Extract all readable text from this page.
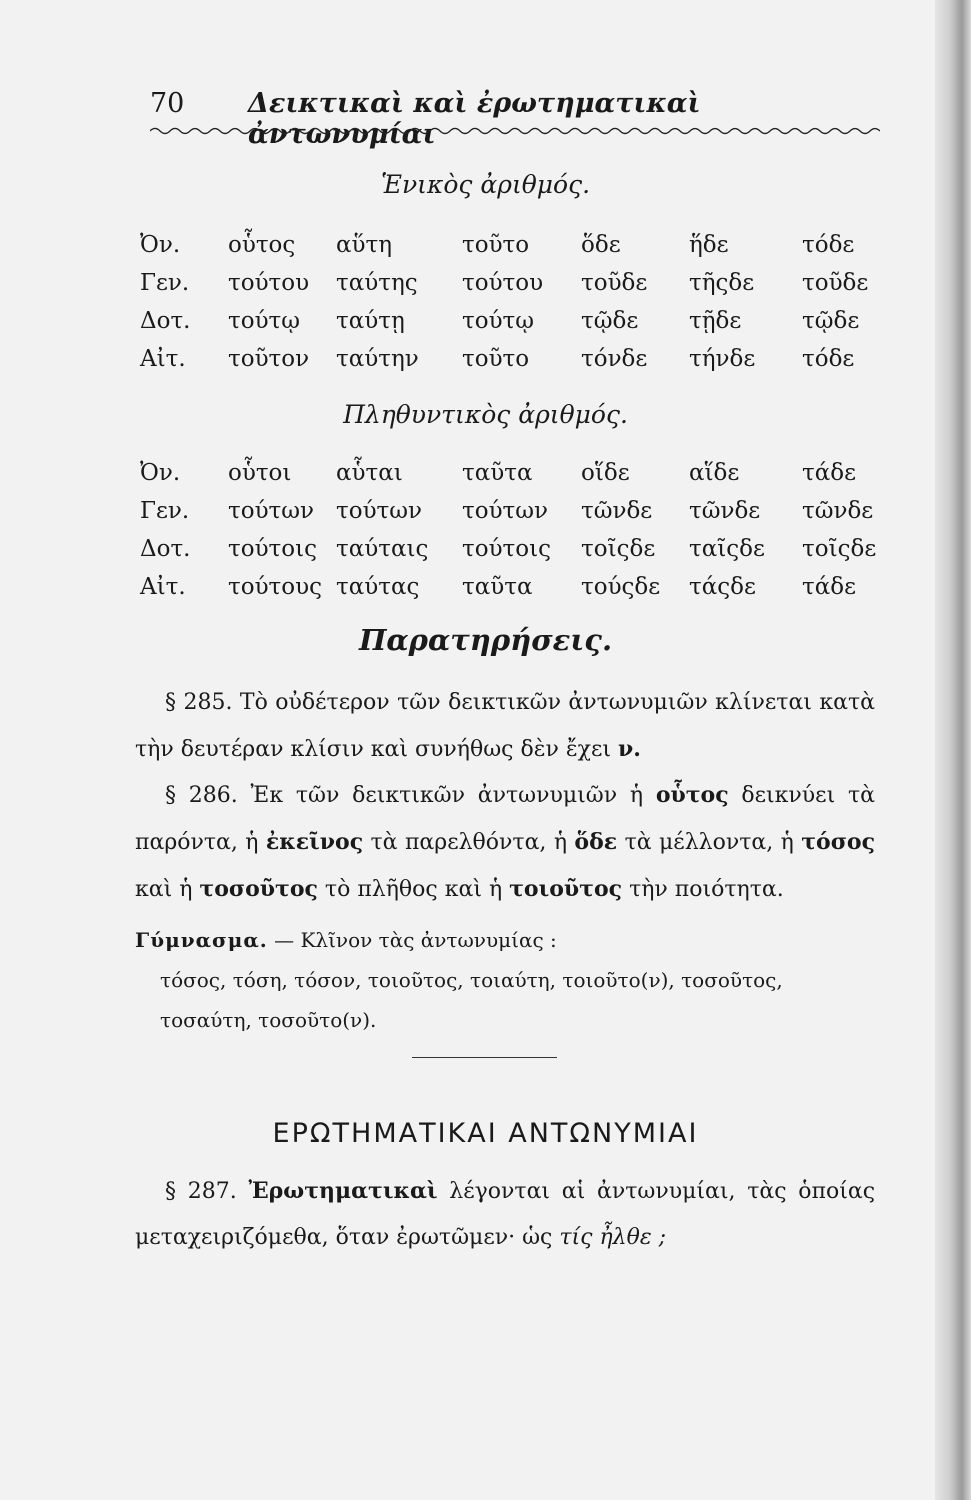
70 Δεικτικαὶ καὶ ἐρωτηματικαὶ ἀντωνυμίαι
Ἑνικὸς ἀριθμός.
Ὀν. οὗτος αὕτη	τοῦτο ὅδε	ἥδε	τόδε
Γεν. τούτου ταύτης τούτου τοῦδε τῆςδε τοῦδε
Δοτ. τούτῳ ταύτῃ τούτῳ τῷδε τῇδε	τῷδε
Αἰτ. τοῦτον ταύτην τοῦτο τόνδε τήνδε τόδε
Πληθυντικὸς ἀριθμός.
Ὀν. οὗτοι αὗται	ταῦτα οἵδε	αἵδε	τάδε
Γεν. τούτων τούτων τούτων τῶνδε τῶνδε τῶνδε
Δοτ. τούτοις ταύταις τούτοις τοῖςδε ταῖςδε τοῖςδε
Αἰτ. τούτους ταύτας ταῦτα τούςδε τάςδε τάδε
Παρατηρήσεις.
§ 285. Τὸ οὐδέτερον τῶν δεικτικῶν ἀντωνυμιῶν κλίνεται κατὰ τὴν δευτέραν κλίσιν καὶ συνήθως δὲν ἔχει ν.
§ 286. Ἐκ τῶν δεικτικῶν ἀντωνυμιῶν ἡ οὗτος δεικνύει τὰ παρόντα, ἡ ἐκεῖνος τὰ παρελθόντα, ἡ ὅδε τὰ μέλλοντα, ἡ τόσος καὶ ἡ τοσοῦτος τὸ πλῆθος καὶ ἡ τοιοῦτος τὴν ποιότητα.
Γύμνασμα. — Κλῖνον τὰς ἀντωνυμίας :
τόσος, τόση, τόσον, τοιοῦτος, τοιαύτη, τοιοῦτο(ν), τοσοῦτος, τοσαύτη, τοσοῦτο(ν).
ΕΡΩΤΗΜΑΤΙΚΑΙ ΑΝΤΩΝΥΜΙΑΙ
§ 287. Ἐρωτηματικαὶ λέγονται αἱ ἀντωνυμίαι, τὰς ὁποίας μεταχειριζόμεθα, ὅταν ἐρωτῶμεν· ὡς τίς ἦλθε ;
